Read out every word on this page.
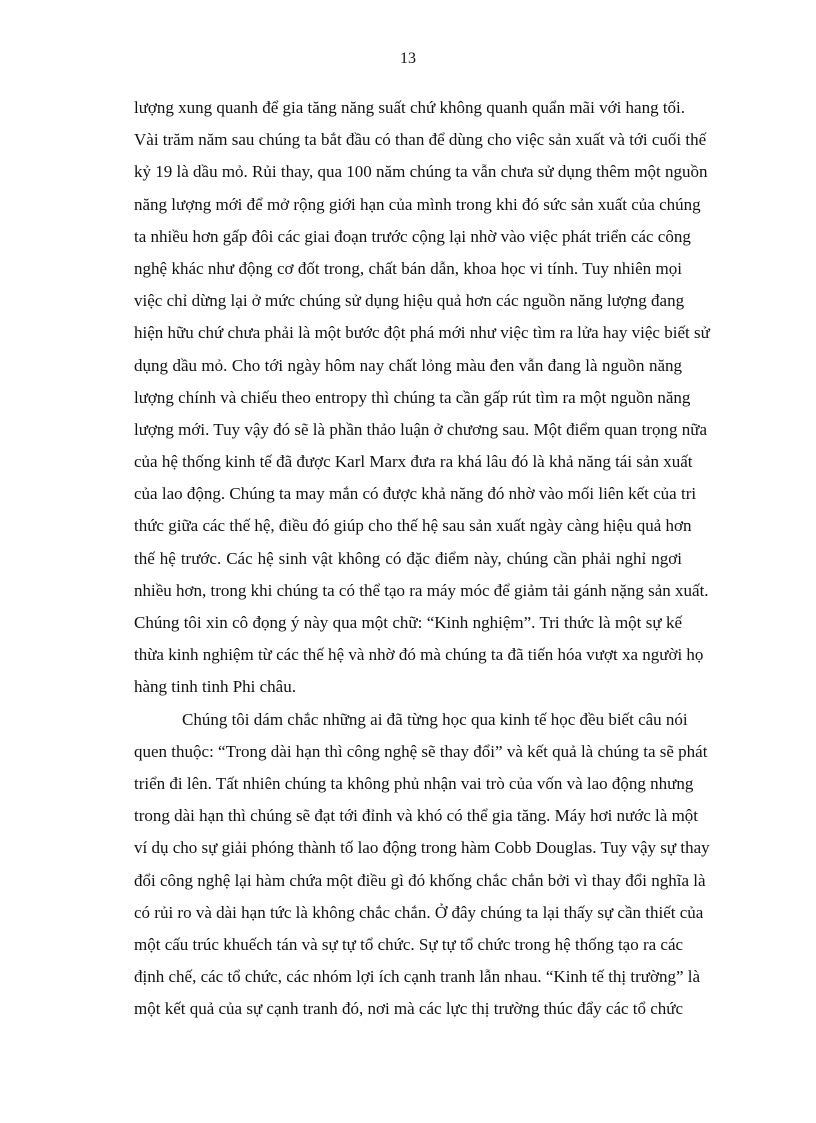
13
lượng xung quanh để gia tăng năng suất chứ không quanh quẩn mãi với hang tối.
Vài trăm năm sau chúng ta bắt đầu có than để dùng cho việc sản xuất và tới cuối thế
kỷ 19 là dầu mỏ. Rủi thay, qua 100 năm chúng ta vẫn chưa sử dụng thêm một nguồn
năng lượng mới để mở rộng giới hạn của mình trong khi đó sức sản xuất của chúng
ta nhiều hơn gấp đôi các giai đoạn trước cộng lại nhờ vào việc phát triển các công
nghệ khác như động cơ đốt trong, chất bán dẫn, khoa học vi tính. Tuy nhiên mọi
việc chỉ dừng lại ở mức chúng sử dụng hiệu quả hơn các nguồn năng lượng đang
hiện hữu chứ chưa phải là một bước đột phá mới như việc tìm ra lửa hay việc biết sử
dụng dầu mỏ. Cho tới ngày hôm nay chất lỏng màu đen vẫn đang là nguồn năng
lượng chính và chiếu theo entropy thì chúng ta cần gấp rút tìm ra một nguồn năng
lượng mới. Tuy vậy đó sẽ là phần thảo luận ở chương sau. Một điểm quan trọng nữa
của hệ thống kinh tế đã được Karl Marx đưa ra khá lâu đó là khả năng tái sản xuất
của lao động. Chúng ta may mắn có được khả năng đó nhờ vào mối liên kết của tri
thức giữa các thế hệ, điều đó giúp cho thế hệ sau sản xuất ngày càng hiệu quả hơn
thế hệ trước. Các hệ sinh vật không có đặc điểm này, chúng cần phải nghỉ ngơi
nhiều hơn, trong khi chúng ta có thể tạo ra máy móc để giảm tải gánh nặng sản xuất.
Chúng tôi xin cô đọng ý này qua một chữ: “Kinh nghiệm”. Tri thức là một sự kế
thừa kinh nghiệm từ các thế hệ và nhờ đó mà chúng ta đã tiến hóa vượt xa người họ
hàng tinh tinh Phi châu.
Chúng tôi dám chắc những ai đã từng học qua kinh tế học đều biết câu nói
quen thuộc: “Trong dài hạn thì công nghệ sẽ thay đổi” và kết quả là chúng ta sẽ phát
triển đi lên. Tất nhiên chúng ta không phủ nhận vai trò của vốn và lao động nhưng
trong dài hạn thì chúng sẽ đạt tới đỉnh và khó có thể gia tăng. Máy hơi nước là một
ví dụ cho sự giải phóng thành tố lao động trong hàm Cobb Douglas. Tuy vậy sự thay
đổi công nghệ lại hàm chứa một điều gì đó khống chắc chắn bởi vì thay đổi nghĩa là
có rủi ro và dài hạn tức là không chắc chắn. Ở đây chúng ta lại thấy sự cần thiết của
một cấu trúc khuếch tán và sự tự tổ chức. Sự tự tổ chức trong hệ thống tạo ra các
định chế, các tổ chức, các nhóm lợi ích cạnh tranh lẫn nhau. “Kinh tế thị trường” là
một kết quả của sự cạnh tranh đó, nơi mà các lực thị trường thúc đẩy các tổ chức
